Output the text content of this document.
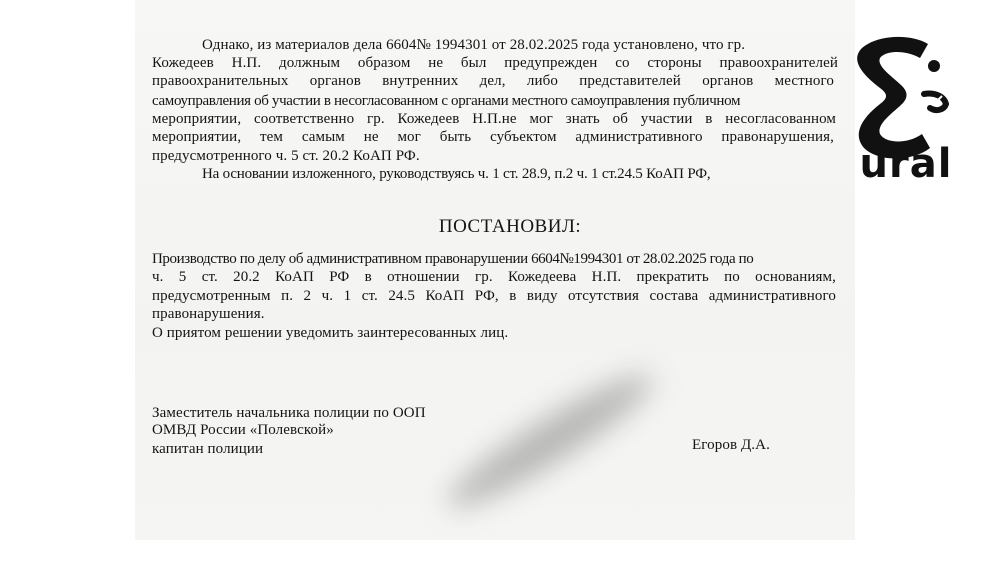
Однако, из материалов дела 6604№ 1994301 от 28.02.2025 года установлено, что гр.
Кожедеев Н.П. должным образом не был предупрежден со стороны правоохранителей
правоохранительных органов внутренних дел, либо представителей органов местного
самоуправления об участии в несогласованном с органами местного самоуправления публичном
мероприятии, соответственно гр. Кожедеев Н.П.не мог знать об участии в несогласованном
мероприятии, тем самым не мог быть субъектом административного правонарушения,
предусмотренного ч. 5 ст. 20.2 КоАП РФ.
На основании изложенного, руководствуясь ч. 1 ст. 28.9, п.2 ч. 1 ст.24.5 КоАП РФ,
ПОСТАНОВИЛ:
Производство по делу об административном правонарушении 6604№1994301 от 28.02.2025 года по
ч. 5 ст. 20.2 КоАП РФ в отношении гр. Кожедеева Н.П. прекратить по основаниям,
предусмотренным п. 2 ч. 1 ст. 24.5 КоАП РФ, в виду отсутствия состава административного
правонарушения.
О приятом решении уведомить заинтересованных лиц.
Заместитель начальника полиции по ООП
ОМВД России «Полевской»
капитан полиции	Егоров Д.А.
ural
